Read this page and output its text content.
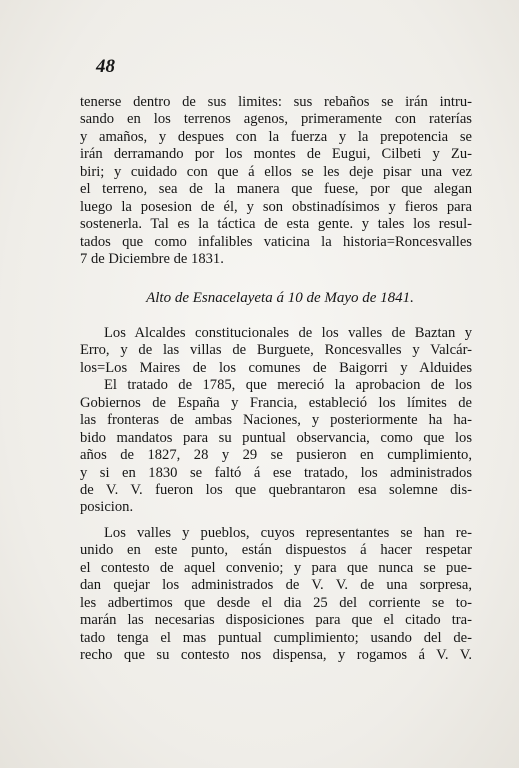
48
tenerse dentro de sus limites: sus rebaños se irán intru-
sando en los terrenos agenos, primeramente con raterías
y amaños, y despues con la fuerza y la prepotencia se
irán derramando por los montes de Eugui, Cilbeti y Zu-
biri; y cuidado con que á ellos se les deje pisar una vez
el terreno, sea de la manera que fuese, por que alegan
luego la posesion de él, y son obstinadísimos y fieros para
sostenerla. Tal es la táctica de esta gente. y tales los resul-
tados que como infalibles vaticina la historia=Roncesvalles
7 de Diciembre de 1831.
Alto de Esnacelayeta á 10 de Mayo de 1841.
Los Alcaldes constitucionales de los valles de Baztan y
Erro, y de las villas de Burguete, Roncesvalles y Valcár-
los=Los Maires de los comunes de Baigorri y Alduides
El tratado de 1785, que mereció la aprobacion de los
Gobiernos de España y Francia, estableció los límites de
las fronteras de ambas Naciones, y posteriormente ha ha-
bido mandatos para su puntual observancia, como que los
años de 1827, 28 y 29 se pusieron en cumplimiento,
y si en 1830 se faltó á ese tratado, los administrados
de V. V. fueron los que quebrantaron esa solemne dis-
posicion.
Los valles y pueblos, cuyos representantes se han re-
unido en este punto, están dispuestos á hacer respetar
el contesto de aquel convenio; y para que nunca se pue-
dan quejar los administrados de V. V. de una sorpresa,
les adbertimos que desde el dia 25 del corriente se to-
marán las necesarias disposiciones para que el citado tra-
tado tenga el mas puntual cumplimiento; usando del de-
recho que su contesto nos dispensa, y rogamos á V. V.
